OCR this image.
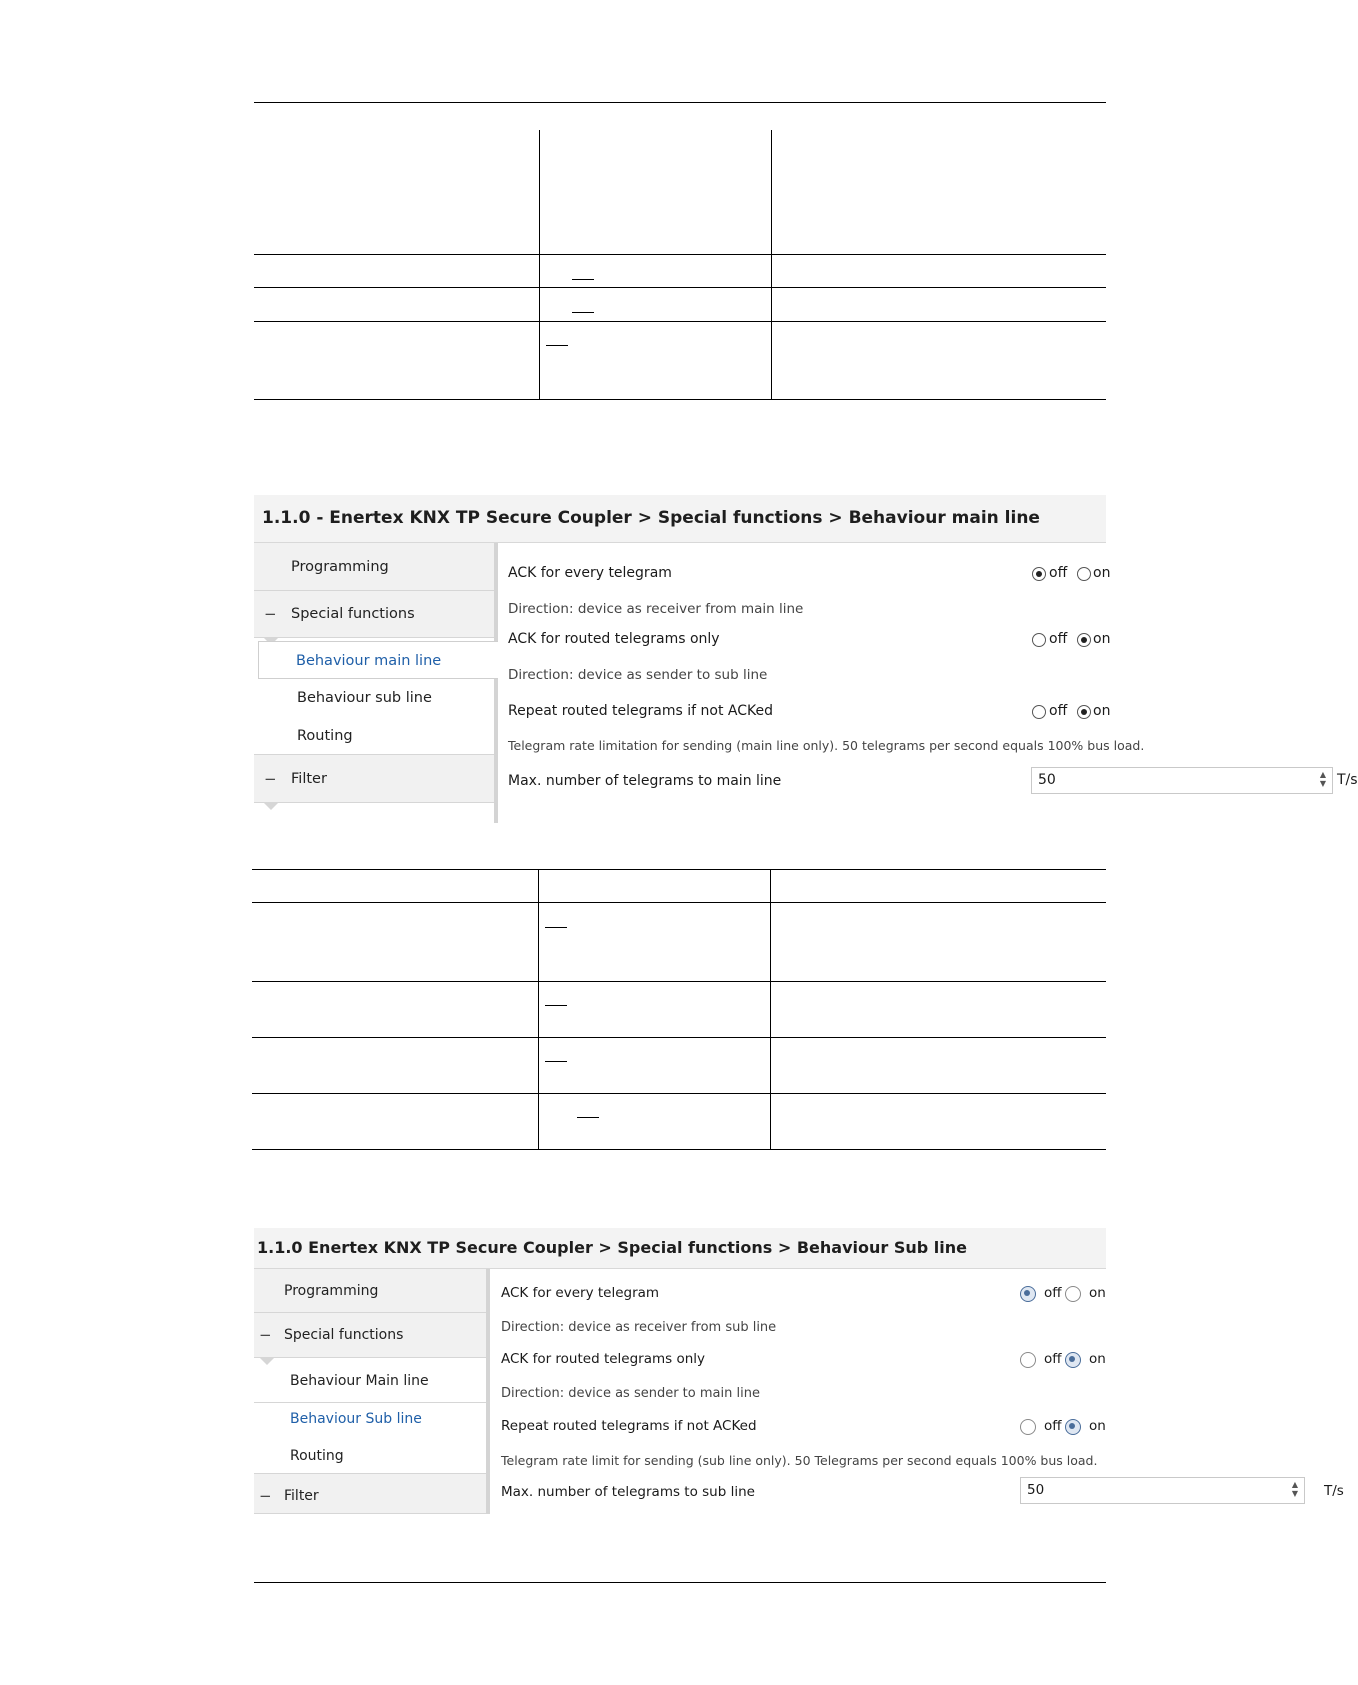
1.1.0 - Enertex KNX TP Secure Coupler > Special functions > Behaviour main line
Programming
− Special functions
Behaviour main line
Behaviour sub line
Routing
− Filter
ACK for every telegram	off on
Direction: device as receiver from main line
ACK for routed telegrams only	off on
Direction: device as sender to sub line
Repeat routed telegrams if not ACKed	off on
Telegram rate limitation for sending (main line only). 50 telegrams per second equals 100% bus load.
Max. number of telegrams to main line	50	▲
▼ T/s

1.1.0 Enertex KNX TP Secure Coupler > Special functions > Behaviour Sub line
Programming
− Special functions
Behaviour Main line
Behaviour Sub line
Routing
− Filter
ACK for every telegram	off on
Direction: device as receiver from sub line
ACK for routed telegrams only	off on
Direction: device as sender to main line
Repeat routed telegrams if not ACKed	off on
Telegram rate limit for sending (sub line only). 50 Telegrams per second equals 100% bus load.
Max. number of telegrams to sub line	50	▲
▼ T/s
